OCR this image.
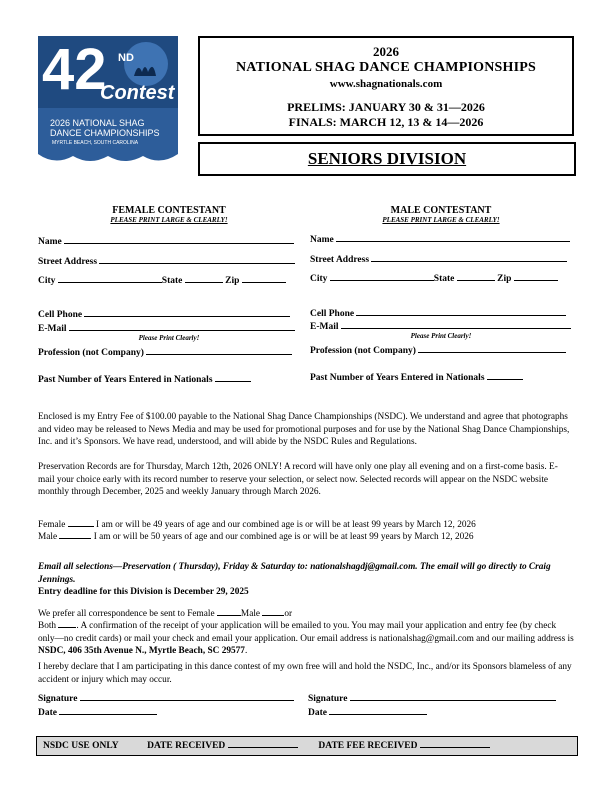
42 ND
Contest
2026 NATIONAL SHAG
DANCE CHAMPIONSHIPS
MYRTLE BEACH, SOUTH CAROLINA
2026
NATIONAL SHAG DANCE CHAMPIONSHIPS
www.shagnationals.com
PRELIMS: JANUARY 30 & 31—2026
FINALS: MARCH 12, 13 & 14—2026
SENIORS DIVISION
FEMALE CONTESTANT
PLEASE PRINT LARGE & CLEARLY!
Name
Street Address
City	State	Zip
Cell Phone
E-Mail
Please Print Clearly!
Profession (not Company)
Past Number of Years Entered in Nationals
MALE CONTESTANT
PLEASE PRINT LARGE & CLEARLY!
Name
Street Address
City	State	Zip
Cell Phone
E-Mail
Please Print Clearly!
Profession (not Company)
Past Number of Years Entered in Nationals
Enclosed is my Entry Fee of $100.00 payable to the National Shag Dance Championships (NSDC). We understand and agree that photographs and video may be released to News Media and may be used for promotional purposes and for use by the National Shag Dance Championships, Inc. and it’s Sponsors. We have read, understood, and will abide by the NSDC Rules and Regulations.
Preservation Records are for Thursday, March 12th, 2026 ONLY! A record will have only one play all evening and on a first-come basis. E-mail your choice early with its record number to reserve your selection, or select now. Selected records will appear on the NSDC website monthly through December, 2025 and weekly January through March 2026.
Female	I am or will be 49 years of age and our combined age is or will be at least 99 years by March 12, 2026
Male	I am or will be 50 years of age and our combined age is or will be at least 99 years by March 12, 2026
Email all selections—Preservation ( Thursday), Friday & Saturday to: nationalshagdj@gmail.com. The email will go directly to Craig Jennings.
Entry deadline for this Division is December 29, 2025
We prefer all correspondence be sent to Female	Male	or
Both . A confirmation of the receipt of your application will be emailed to you. You may mail your application and entry fee (by check only—no credit cards) or mail your check and email your application. Our email address is nationalshag@gmail.com and our mailing address is NSDC, 406 35th Avenue N., Myrtle Beach, SC 29577.
I hereby declare that I am participating in this dance contest of my own free will and hold the NSDC, Inc., and/or its Sponsors blameless of any accident or injury which may occur.
Signature
Date
Signature
Date
NSDC USE ONLY	DATE RECEIVED	DATE FEE RECEIVED
